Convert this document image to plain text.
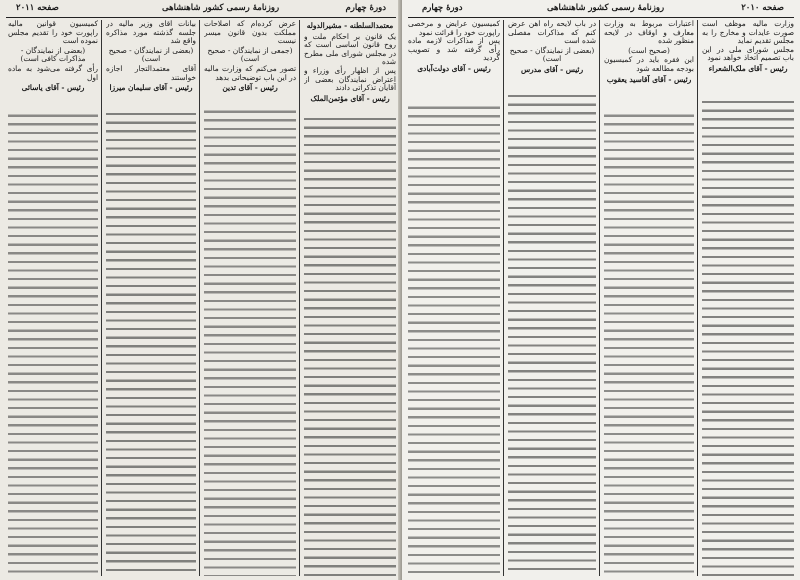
دورهٔ چهارم
روزنامهٔ رسمی کشور شاهنشاهی
صفحه ۲۰۱۱
معتمدالسلطنه - مشیرالدوله
یک قانون بر احکام ملت و روح قانون اساسی است که در مجلس شورای ملی مطرح شده
پس از اظهار رأی وزراء و اعتراض نمایندگان بعضی از آقایان تذکراتی دادند
رئیس - آقای مؤتمن‌الملک
عرض کرده‌ام که اصلاحات مملکت بدون قانون میسر نیست
(جمعی از نمایندگان - صحیح است)
تصور می‌کنم که وزارت مالیه در این باب توضیحاتی بدهد
رئیس - آقای تدین
بیانات آقای وزیر مالیه در جلسه گذشته مورد مذاکره واقع شد
(بعضی از نمایندگان - صحیح است)
آقای معتمدالتجار اجازه خواستند
رئیس - آقای سلیمان میرزا
کمیسیون قوانین مالیه راپورت خود را تقدیم مجلس نموده است
(بعضی از نمایندگان - مذاکرات کافی است)
رأی گرفته می‌شود به ماده اول
رئیس - آقای یاسائی
صفحه ۲۰۱۰
روزنامهٔ رسمی کشور شاهنشاهی
دورهٔ چهارم
وزارت مالیه موظف است صورت عایدات و مخارج را به مجلس تقدیم نماید
مجلس شورای ملی در این باب تصمیم اتخاذ خواهد نمود
رئیس - آقای ملک‌الشعراء
اعتبارات مربوط به وزارت معارف و اوقاف در لایحه منظور شده
(صحیح است)
این فقره باید در کمیسیون بودجه مطالعه شود
رئیس - آقای آقاسید یعقوب
در باب لایحه راه آهن عرض کنم که مذاکرات مفصلی شده است
(بعضی از نمایندگان - صحیح است)
رئیس - آقای مدرس
کمیسیون عرایض و مرخصی راپورت خود را قرائت نمود
پس از مذاکرات لازمه ماده رأی گرفته شد و تصویب گردید
رئیس - آقای دولت‌آبادی
